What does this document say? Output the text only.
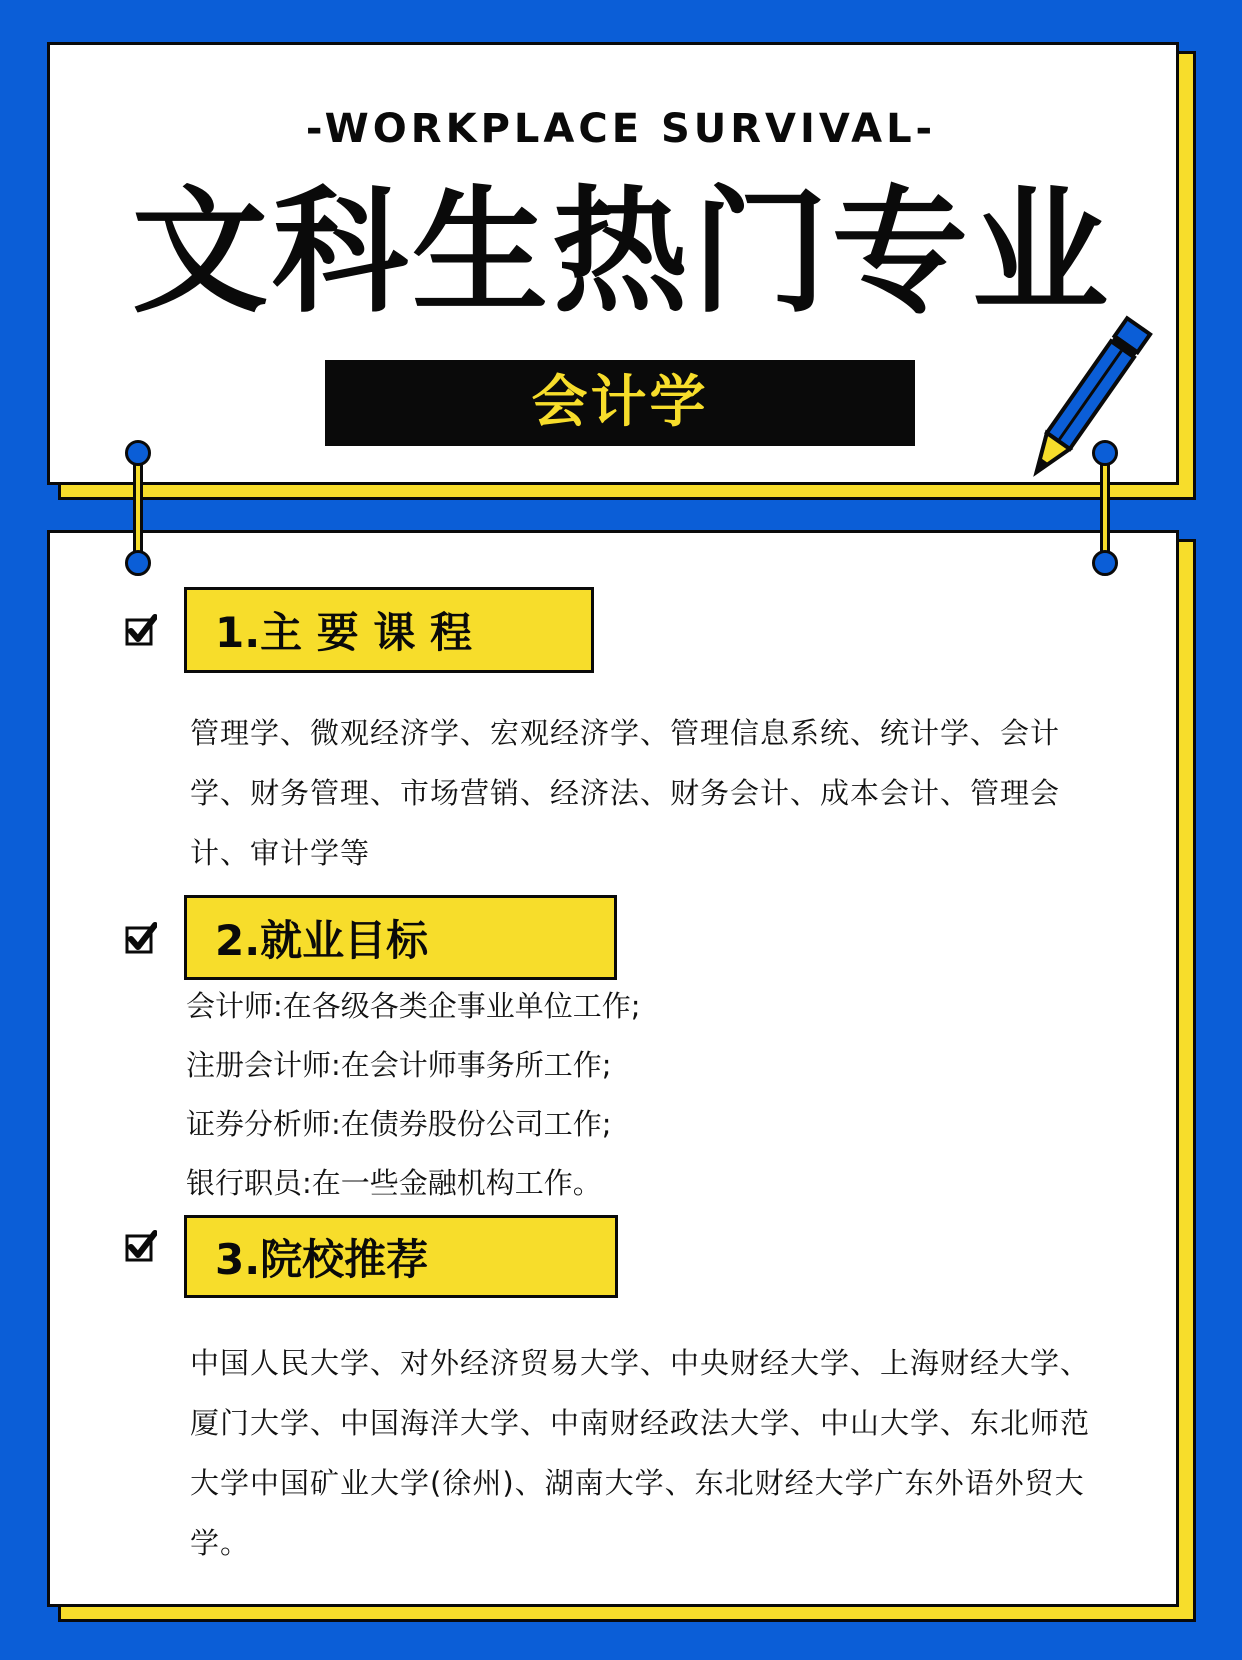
-WORKPLACE SURVIVAL-
文科生热门专业
会计学
1.主 要 课 程
管理学、微观经济学、宏观经济学、管理信息系统、统计学、会计学、财务管理、市场营销、经济法、财务会计、成本会计、管理会计、审计学等
2.就业目标
会计师:在各级各类企事业单位工作;
注册会计师:在会计师事务所工作;
证券分析师:在债券股份公司工作;
银行职员:在一些金融机构工作。
3.院校推荐
中国人民大学、对外经济贸易大学、中央财经大学、上海财经大学、厦门大学、中国海洋大学、中南财经政法大学、中山大学、东北师范大学中国矿业大学(徐州)、湖南大学、东北财经大学广东外语外贸大学。
